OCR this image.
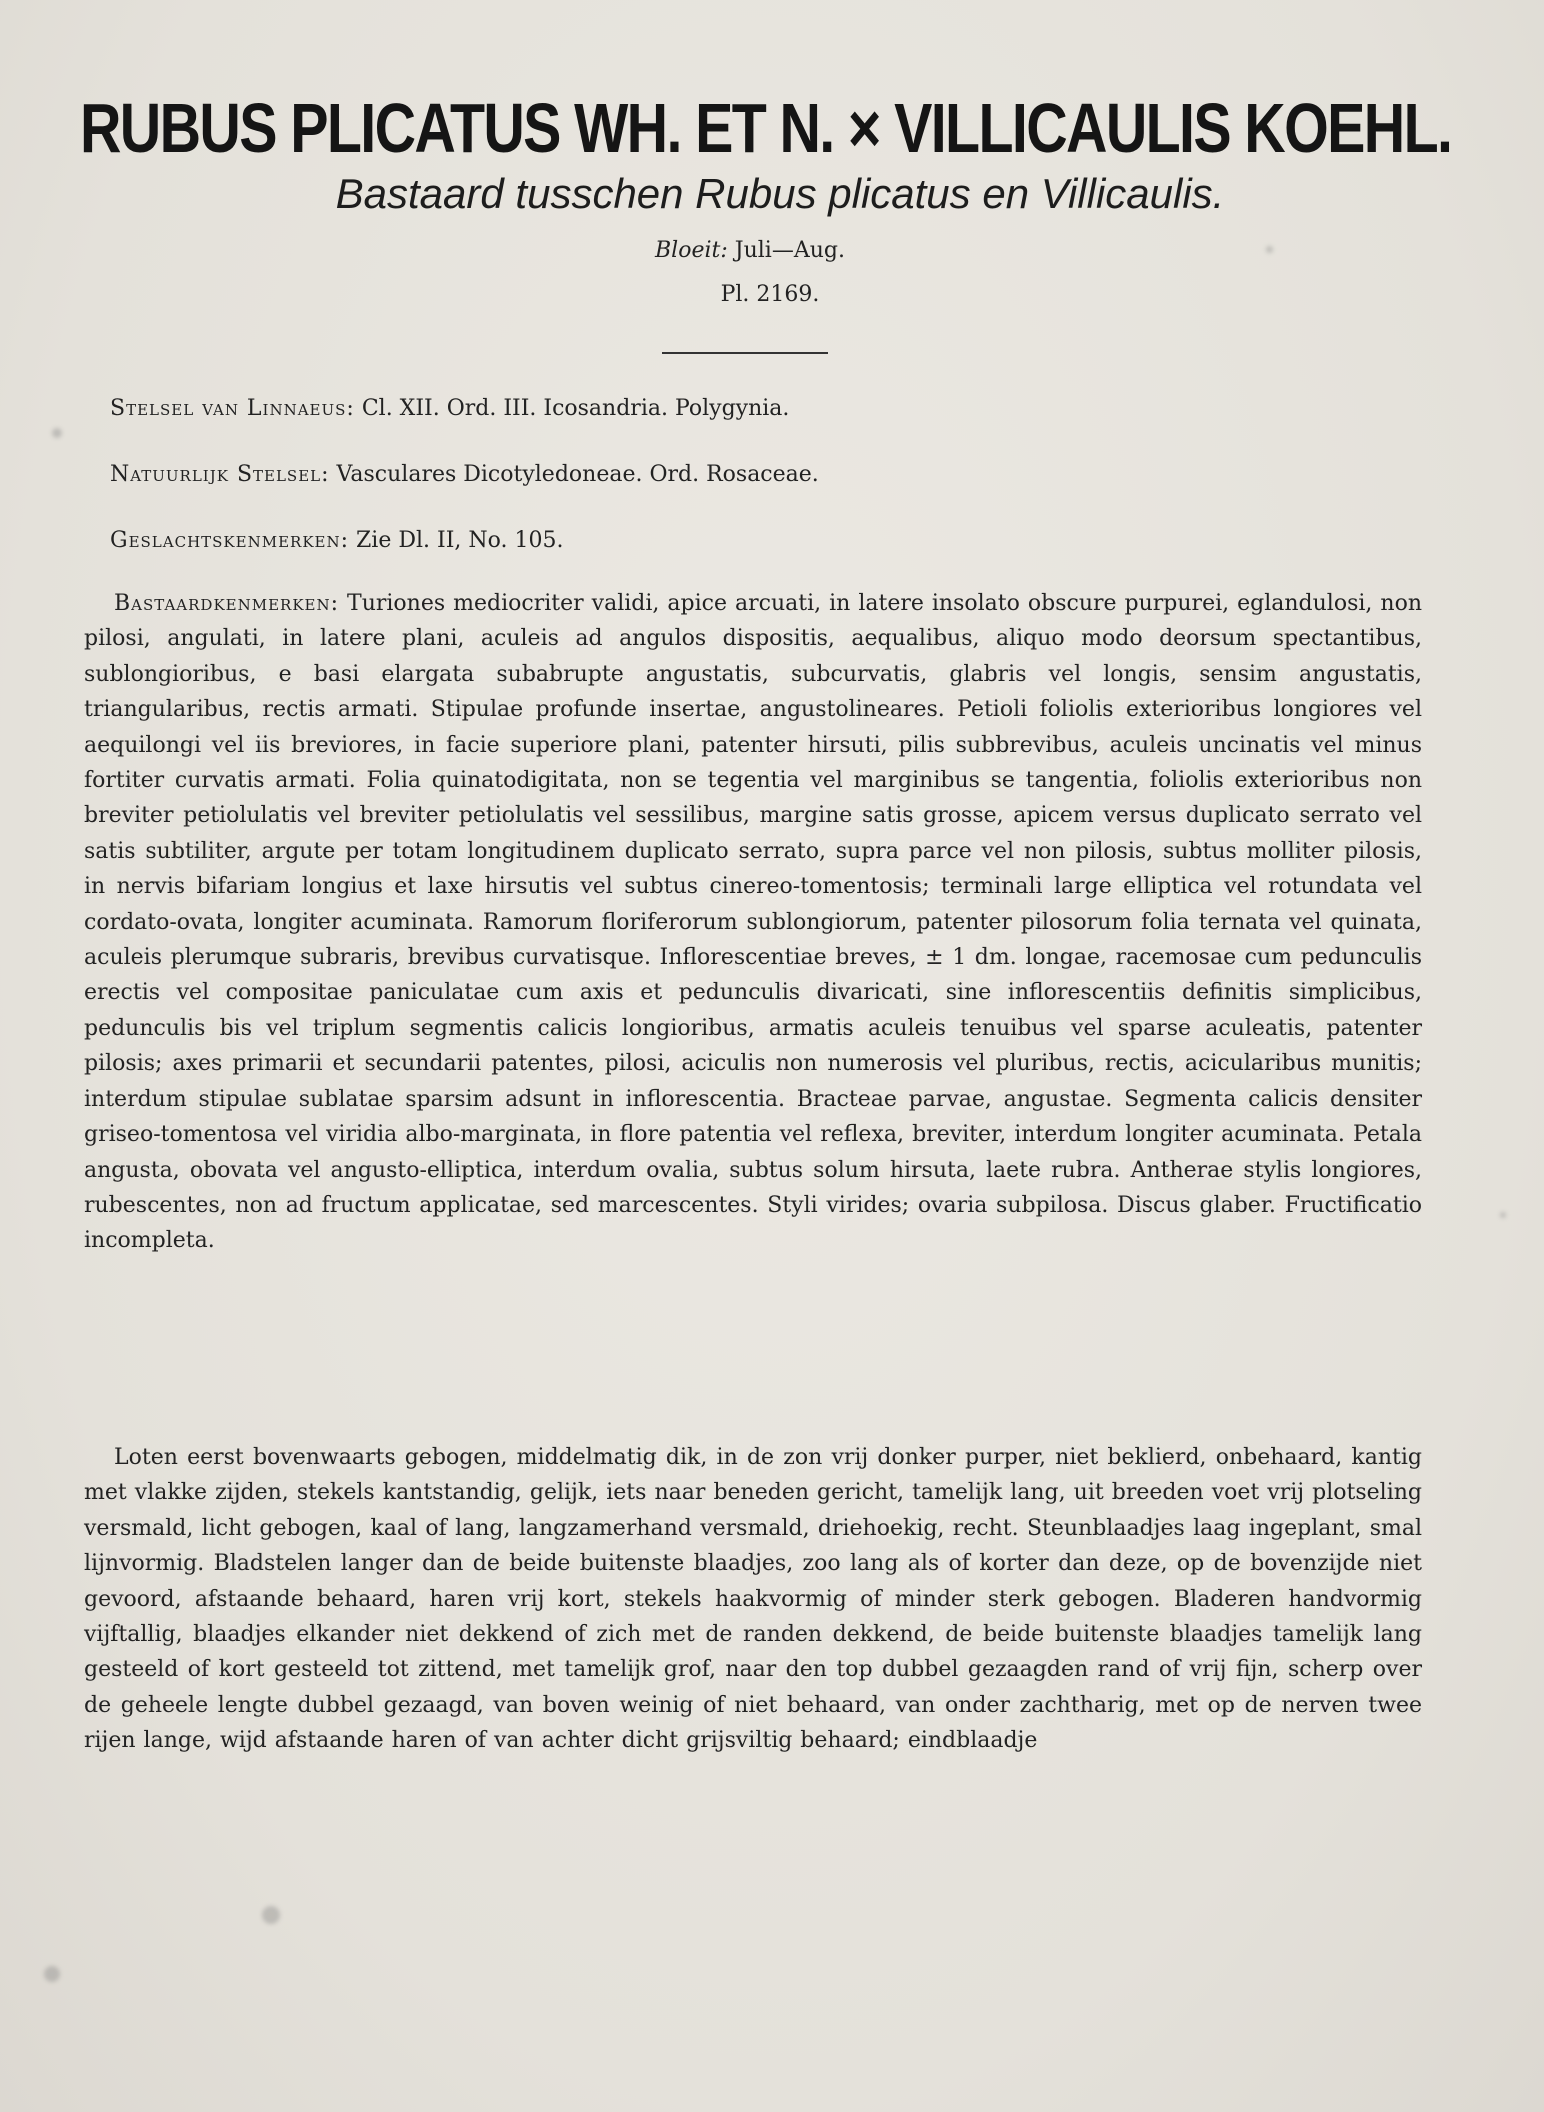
RUBUS PLICATUS WH. ET N. × VILLICAULIS KOEHL.
Bastaard tusschen Rubus plicatus en Villicaulis.
Bloeit: Juli—Aug.
Pl. 2169.
Stelsel van Linnaeus: Cl. XII. Ord. III. Icosandria. Polygynia.
Natuurlijk Stelsel: Vasculares Dicotyledoneae. Ord. Rosaceae.
Geslachtskenmerken: Zie Dl. II, No. 105.

Bastaardkenmerken: Turiones mediocriter validi, apice arcuati, in latere insolato obscure purpurei, eglandulosi, non pilosi, angulati, in latere plani, aculeis ad angulos dispositis, aequalibus, aliquo modo deorsum spectantibus, sublongioribus, e basi elargata subabrupte angustatis, subcurvatis, glabris vel longis, sensim angustatis, triangularibus, rectis armati. Stipulae profunde insertae, angustolineares. Petioli foliolis exterioribus longiores vel aequilongi vel iis breviores, in facie superiore plani, patenter hirsuti, pilis subbrevibus, aculeis uncinatis vel minus fortiter curvatis armati. Folia quinatodigitata, non se tegentia vel marginibus se tangentia, foliolis exterioribus non breviter petiolulatis vel breviter petiolulatis vel sessilibus, margine satis grosse, apicem versus duplicato serrato vel satis subtiliter, argute per totam longitudinem duplicato serrato, supra parce vel non pilosis, subtus molliter pilosis, in nervis bifariam longius et laxe hirsutis vel subtus cinereo-tomentosis; terminali large elliptica vel rotundata vel cordato-ovata, longiter acuminata. Ramorum floriferorum sublongiorum, patenter pilosorum folia ternata vel quinata, aculeis plerumque subraris, brevibus curvatisque. Inflorescentiae breves, ± 1 dm. longae, racemosae cum pedunculis erectis vel compositae paniculatae cum axis et pedunculis divaricati, sine inflorescentiis definitis simplicibus, pedunculis bis vel triplum segmentis calicis longioribus, armatis aculeis tenuibus vel sparse aculeatis, patenter pilosis; axes primarii et secundarii patentes, pilosi, aciculis non numerosis vel pluribus, rectis, acicularibus munitis; interdum stipulae sublatae sparsim adsunt in inflorescentia. Bracteae parvae, angustae. Segmenta calicis densiter griseo-tomentosa vel viridia albo-marginata, in flore patentia vel reflexa, breviter, interdum longiter acuminata. Petala angusta, obovata vel angusto-elliptica, interdum ovalia, subtus solum hirsuta, laete rubra. Antherae stylis longiores, rubescentes, non ad fructum applicatae, sed marcescentes. Styli virides; ovaria subpilosa. Discus glaber. Fructificatio incompleta.

Loten eerst bovenwaarts gebogen, middelmatig dik, in de zon vrij donker purper, niet beklierd, onbehaard, kantig met vlakke zijden, stekels kantstandig, gelijk, iets naar beneden gericht, tamelijk lang, uit breeden voet vrij plotseling versmald, licht gebogen, kaal of lang, langzamerhand versmald, driehoekig, recht. Steunblaadjes laag ingeplant, smal lijnvormig. Bladstelen langer dan de beide buitenste blaadjes, zoo lang als of korter dan deze, op de bovenzijde niet gevoord, afstaande behaard, haren vrij kort, stekels haakvormig of minder sterk gebogen. Bladeren handvormig vijftallig, blaadjes elkander niet dekkend of zich met de randen dekkend, de beide buitenste blaadjes tamelijk lang gesteeld of kort gesteeld tot zittend, met tamelijk grof, naar den top dubbel gezaagden rand of vrij fijn, scherp over de geheele lengte dubbel gezaagd, van boven weinig of niet behaard, van onder zachtharig, met op de nerven twee rijen lange, wijd afstaande haren of van achter dicht grijsviltig behaard; eindblaadje
